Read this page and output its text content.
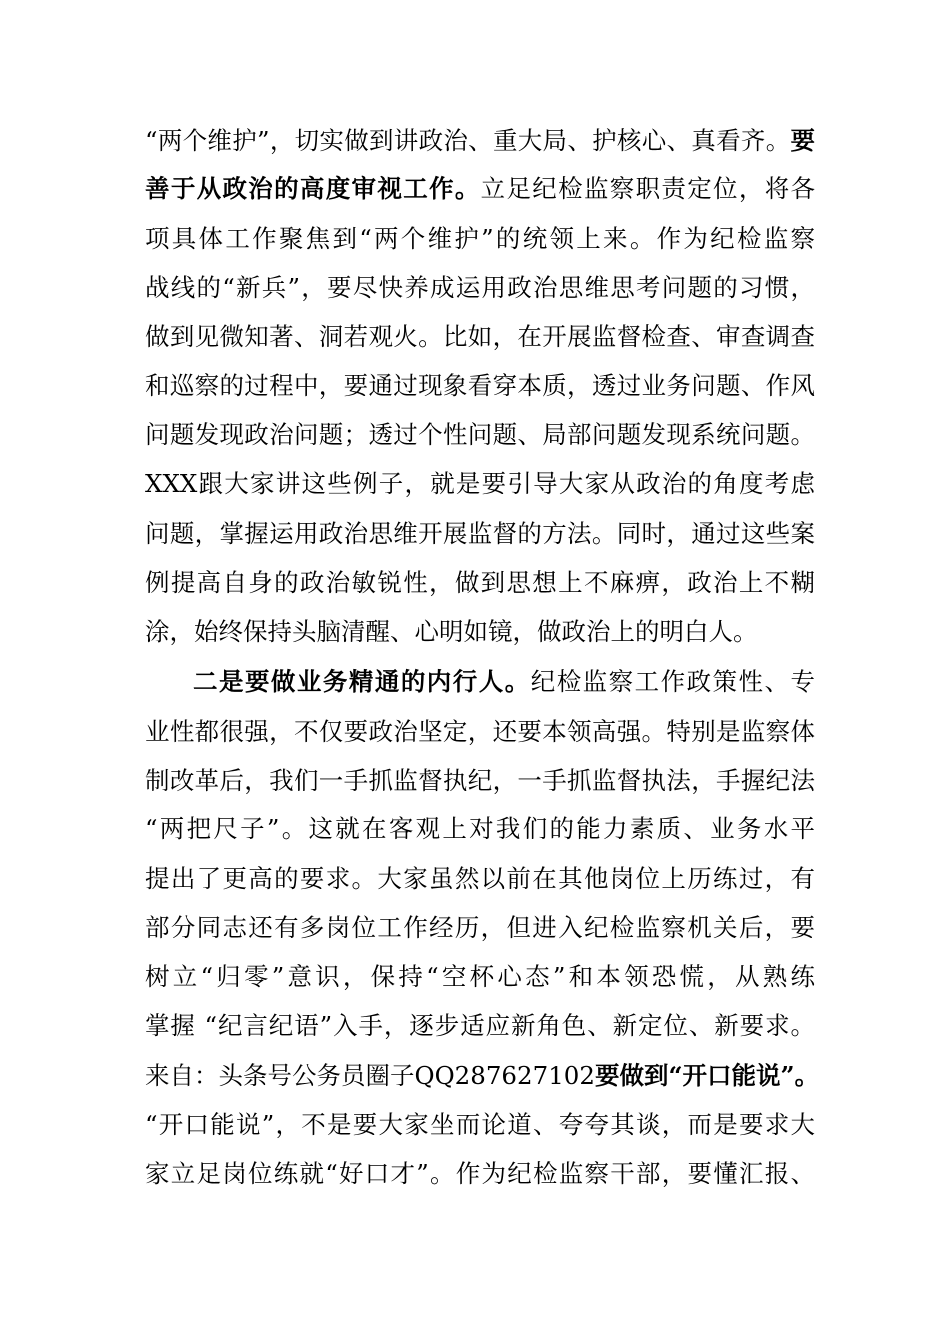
“两个维护”，切实做到讲政治、重大局、护核心、真看齐。要
善于从政治的高度审视工作。立足纪检监察职责定位，将各
项具体工作聚焦到“两个维护”的统领上来。作为纪检监察
战线的“新兵”，要尽快养成运用政治思维思考问题的习惯，
做到见微知著、洞若观火。比如，在开展监督检查、审查调查
和巡察的过程中，要通过现象看穿本质，透过业务问题、作风
问题发现政治问题；透过个性问题、局部问题发现系统问题。
XXX跟大家讲这些例子，就是要引导大家从政治的角度考虑
问题，掌握运用政治思维开展监督的方法。同时，通过这些案
例提高自身的政治敏锐性，做到思想上不麻痹，政治上不糊
涂，始终保持头脑清醒、心明如镜，做政治上的明白人。
二是要做业务精通的内行人。纪检监察工作政策性、专
业性都很强，不仅要政治坚定，还要本领高强。特别是监察体
制改革后，我们一手抓监督执纪，一手抓监督执法，手握纪法
“两把尺子”。这就在客观上对我们的能力素质、业务水平
提出了更高的要求。大家虽然以前在其他岗位上历练过，有
部分同志还有多岗位工作经历，但进入纪检监察机关后，要
树立“归零”意识，保持“空杯心态”和本领恐慌，从熟练
掌握 “纪言纪语”入手，逐步适应新角色、新定位、新要求。
来自：头条号公务员圈子QQ287627102要做到“开口能说”。
“开口能说”，不是要大家坐而论道、夸夸其谈，而是要求大
家立足岗位练就“好口才”。作为纪检监察干部，要懂汇报、
